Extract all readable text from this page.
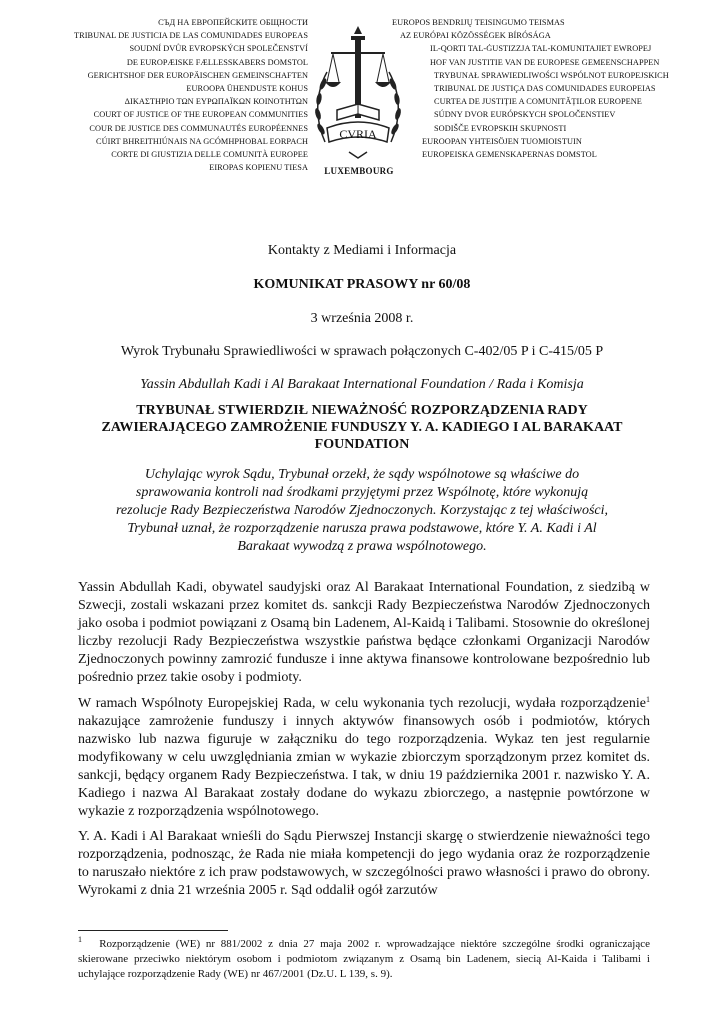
СЪД НА ЕВРОПЕЙСКИТЕ ОБЩНОСТИ
TRIBUNAL DE JUSTICIA DE LAS COMUNIDADES EUROPEAS
SOUDNÍ DVŮR EVROPSKÝCH SPOLEČENSTVÍ
DE EUROPÆISKE FÆLLESSKABERS DOMSTOL
GERICHTSHOF DER EUROPÄISCHEN GEMEINSCHAFTEN
EUROOPA ÜHENDUSTE KOHUS
ΔΙΚΑΣΤΗΡΙΟ ΤΩΝ ΕΥΡΩΠΑΪΚΩΝ ΚΟΙΝΟΤΗΤΩΝ
COURT OF JUSTICE OF THE EUROPEAN COMMUNITIES
COUR DE JUSTICE DES COMMUNAUTÉS EUROPÉENNES
CÚIRT BHREITHIÚNAIS NA GCÓMHPHOBAL EORPACH
CORTE DI GIUSTIZIA DELLE COMUNITÀ EUROPEE
EIROPAS KOPIENU TIESA
CVRIA
LUXEMBOURG
EUROPOS BENDRIJŲ TEISINGUMO TEISMAS
AZ EURÓPAI KÖZÖSSÉGEK BÍRÓSÁGA
IL-QORTI TAL-ĠUSTIZZJA TAL-KOMUNITAJIET EWROPEJ
HOF VAN JUSTITIE VAN DE EUROPESE GEMEENSCHAPPEN
TRYBUNAŁ SPRAWIEDLIWOŚCI WSPÓLNOT EUROPEJSKICH
TRIBUNAL DE JUSTIÇA DAS COMUNIDADES EUROPEIAS
CURTEA DE JUSTIȚIE A COMUNITĂȚILOR EUROPENE
SÚDNY DVOR EURÓPSKYCH SPOLOČENSTIEV
SODIŠČE EVROPSKIH SKUPNOSTI
EUROOPAN YHTEISÖJEN TUOMIOISTUIN
EUROPEISKA GEMENSKAPERNAS DOMSTOL
Kontakty z Mediami i Informacja
KOMUNIKAT PRASOWY nr 60/08
3 września 2008 r.
Wyrok Trybunału Sprawiedliwości w sprawach połączonych C-402/05 P i C-415/05 P
Yassin Abdullah Kadi i Al Barakaat International Foundation / Rada i Komisja
TRYBUNAŁ STWIERDZIŁ NIEWAŻNOŚĆ ROZPORZĄDZENIA RADY ZAWIERAJĄCEGO ZAMROŻENIE FUNDUSZY Y. A. KADIEGO I AL BARAKAAT FOUNDATION
Uchylając wyrok Sądu, Trybunał orzekł, że sądy wspólnotowe są właściwe do sprawowania kontroli nad środkami przyjętymi przez Wspólnotę, które wykonują rezolucje Rady Bezpieczeństwa Narodów Zjednoczonych. Korzystając z tej właściwości, Trybunał uznał, że rozporządzenie narusza prawa podstawowe, które Y. A. Kadi i Al Barakaat wywodzą z prawa wspólnotowego.
Yassin Abdullah Kadi, obywatel saudyjski oraz Al Barakaat International Foundation, z siedzibą w Szwecji, zostali wskazani przez komitet ds. sankcji Rady Bezpieczeństwa Narodów Zjednoczonych jako osoba i podmiot powiązani z Osamą bin Ladenem, Al-Kaidą i Talibami. Stosownie do określonej liczby rezolucji Rady Bezpieczeństwa wszystkie państwa będące członkami Organizacji Narodów Zjednoczonych powinny zamrozić fundusze i inne aktywa finansowe kontrolowane bezpośrednio lub pośrednio przez takie osoby i podmioty.
W ramach Wspólnoty Europejskiej Rada, w celu wykonania tych rezolucji, wydała rozporządzenie$^1$ nakazujące zamrożenie funduszy i innych aktywów finansowych osób i podmiotów, których nazwisko lub nazwa figuruje w załączniku do tego rozporządzenia. Wykaz ten jest regularnie modyfikowany w celu uwzględniania zmian w wykazie zbiorczym sporządzonym przez komitet ds. sankcji, będący organem Rady Bezpieczeństwa. I tak, w dniu 19 października 2001 r. nazwisko Y. A. Kadiego i nazwa Al Barakaat zostały dodane do wykazu zbiorczego, a następnie powtórzone w wykazie z rozporządzenia wspólnotowego.
Y. A. Kadi i Al Barakaat wnieśli do Sądu Pierwszej Instancji skargę o stwierdzenie nieważności tego rozporządzenia, podnosząc, że Rada nie miała kompetencji do jego wydania oraz że rozporządzenie to naruszało niektóre z ich praw podstawowych, w szczególności prawo własności i prawo do obrony. Wyrokami z dnia 21 września 2005 r. Sąd oddalił ogół zarzutów
$^1$ Rozporządzenie (WE) nr 881/2002 z dnia 27 maja 2002 r. wprowadzające niektóre szczególne środki ograniczające skierowane przeciwko niektórym osobom i podmiotom związanym z Osamą bin Ladenem, siecią Al-Kaida i Talibami i uchylające rozporządzenie Rady (WE) nr 467/2001 (Dz.U. L 139, s. 9).
